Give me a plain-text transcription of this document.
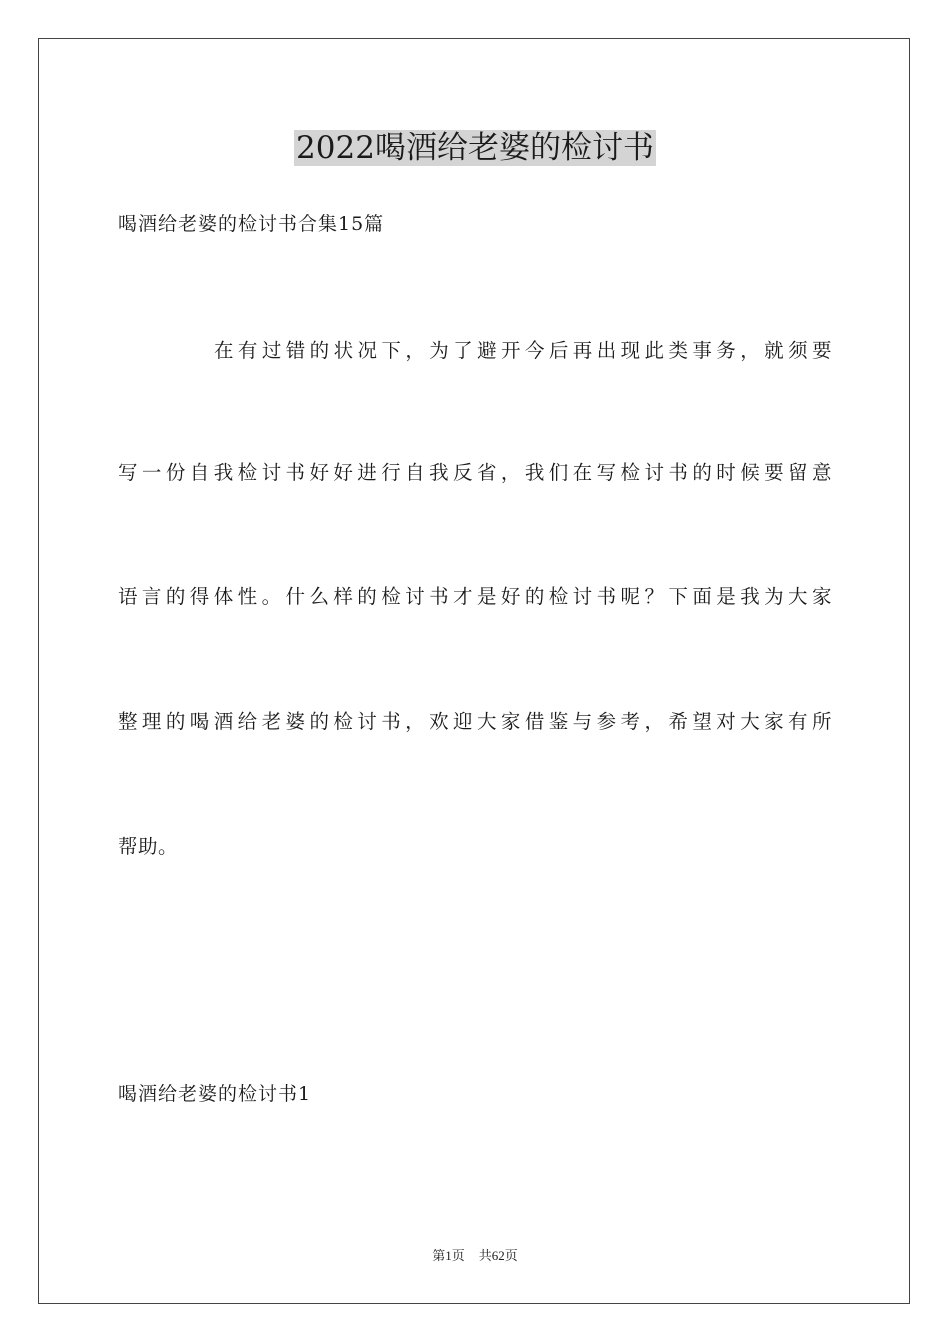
2022喝酒给老婆的检讨书
喝酒给老婆的检讨书合集15篇
在有过错的状况下，为了避开今后再出现此类事务，就须要
写一份自我检讨书好好进行自我反省，我们在写检讨书的时候要留意
语言的得体性。什么样的检讨书才是好的检讨书呢？下面是我为大家
整理的喝酒给老婆的检讨书，欢迎大家借鉴与参考，希望对大家有所
帮助。
喝酒给老婆的检讨书1
第1页 共62页
